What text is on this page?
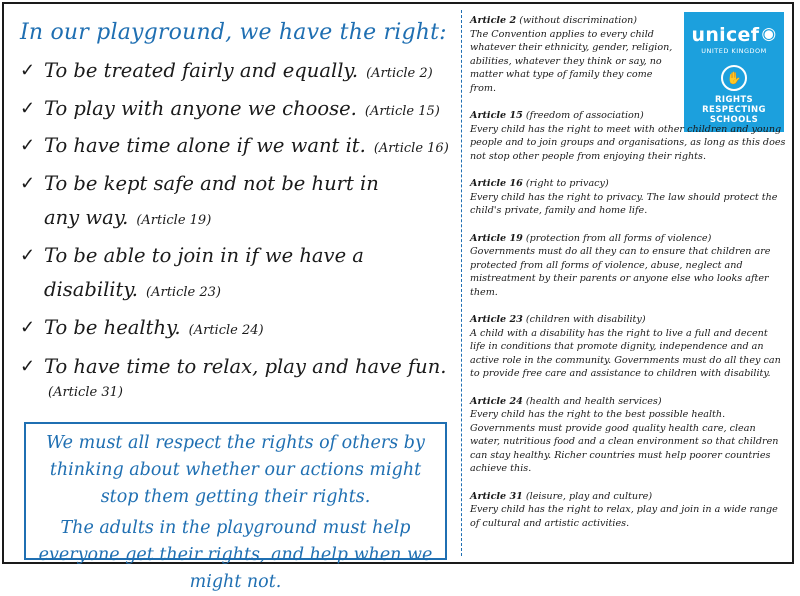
In our playground, we have the right:
✓ To be treated fairly and equally. (Article 2)
✓ To play with anyone we choose. (Article 15)
✓ To have time alone if we want it. (Article 16)
✓ To be kept safe and not be hurt in
any way. (Article 19)
✓ To be able to join in if we have a
disability. (Article 23)
✓ To be healthy. (Article 24)
✓ To have time to relax, play and have fun.
(Article 31)

We must all respect the rights of others by thinking about whether our actions might stop them getting their rights.

The adults in the playground must help everyone get their rights, and help when we might not.

unicef ◉
UNITED KINGDOM
✋
RIGHTS
RESPECTING
SCHOOLS
Article 2 (without discrimination)
The Convention applies to every child whatever their ethnicity, gender, religion, abilities, whatever they think or say, no matter what type of family they come from.
Article 15 (freedom of association)
Every child has the right to meet with other children and young people and to join groups and organisations, as long as this does not stop other people from enjoying their rights.
Article 16 (right to privacy)
Every child has the right to privacy. The law should protect the child's private, family and home life.
Article 19 (protection from all forms of violence)
Governments must do all they can to ensure that children are protected from all forms of violence, abuse, neglect and mistreatment by their parents or anyone else who looks after them.
Article 23 (children with disability)
A child with a disability has the right to live a full and decent life in conditions that promote dignity, independence and an active role in the community. Governments must do all they can to provide free care and assistance to children with disability.
Article 24 (health and health services)
Every child has the right to the best possible health. Governments must provide good quality health care, clean water, nutritious food and a clean environment so that children can stay healthy. Richer countries must help poorer countries achieve this.
Article 31 (leisure, play and culture)
Every child has the right to relax, play and join in a wide range of cultural and artistic activities.
